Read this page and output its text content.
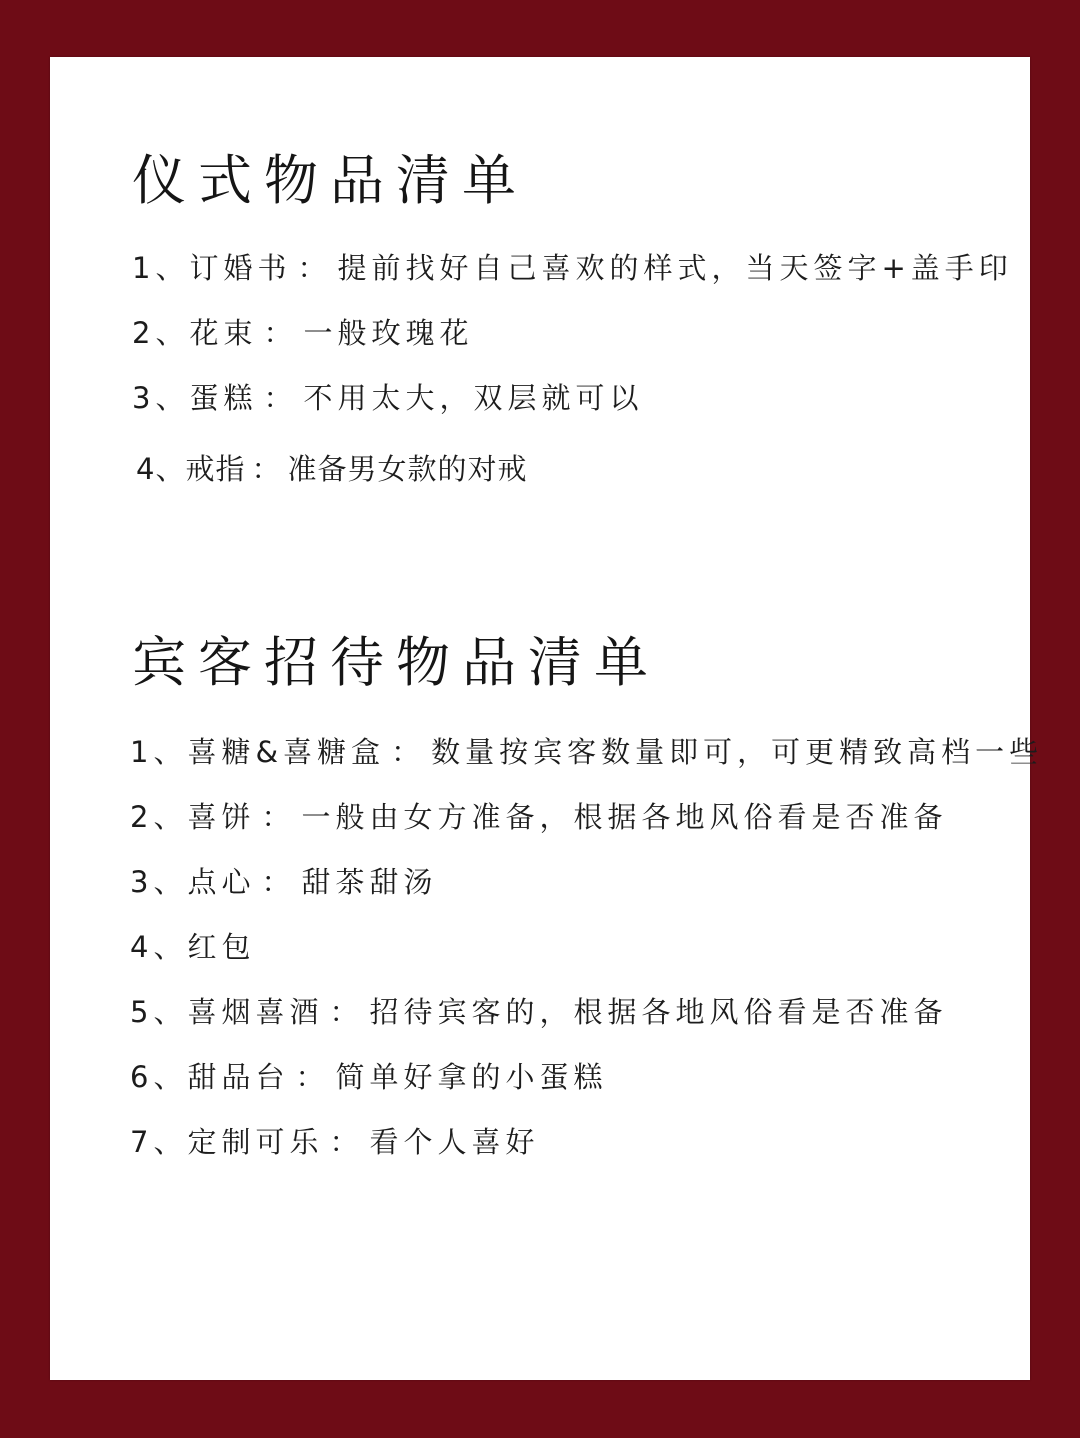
仪式物品清单
1、订婚书 ： 提前找好自己喜欢的样式，当天签字+盖手印
2、花束 ： 一般玫瑰花
3、蛋糕 ： 不用太大，双层就可以
4、戒指 ： 准备男女款的对戒
宾客招待物品清单
1、喜糖&喜糖盒 ： 数量按宾客数量即可，可更精致高档一些
2、喜饼 ： 一般由女方准备，根据各地风俗看是否准备
3、点心 ： 甜茶甜汤
4、红包
5、喜烟喜酒 ： 招待宾客的，根据各地风俗看是否准备
6、甜品台 ： 简单好拿的小蛋糕
7、定制可乐 ： 看个人喜好
